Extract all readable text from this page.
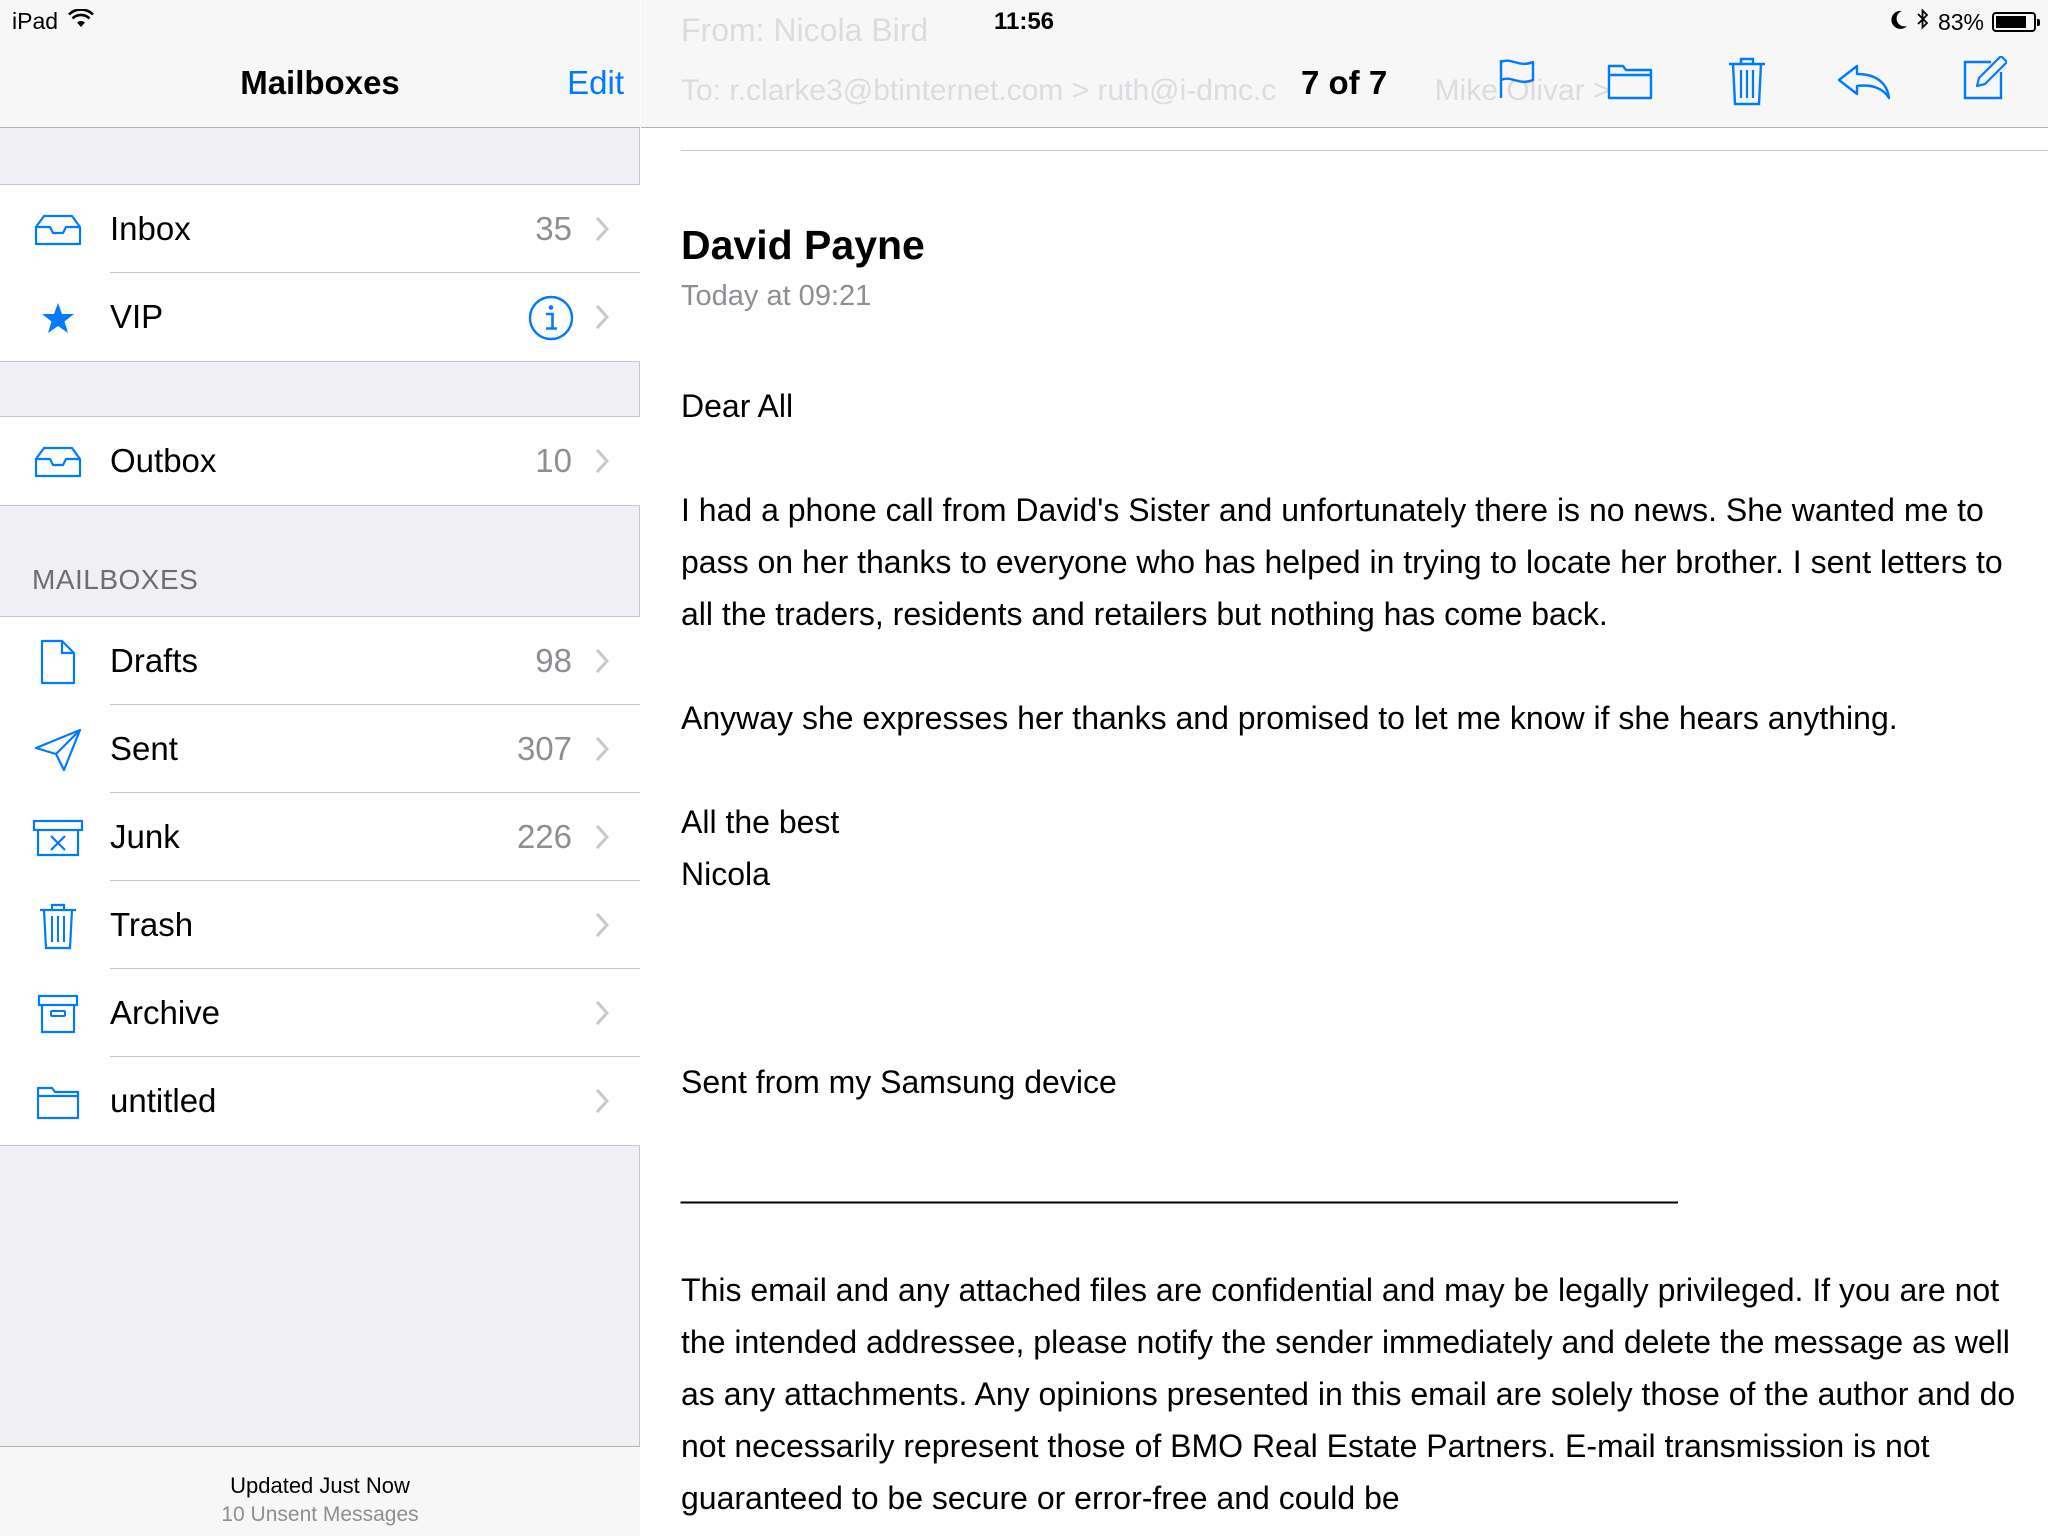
iPad	11:56	83%
Mailboxes	Edit
Inbox	35
VIP
Outbox	10
MAILBOXES
Drafts	98
Sent	307
Junk	226
Trash
Archive
untitled
Updated Just Now
10 Unsent Messages
From: Nicola Bird
To: r.clarke3@btinternet.com > ruth@i-dmc.c	Mike Olivar >
7 of 7
David Payne
Today at 09:21

Dear All

I had a phone call from David's Sister and unfortunately there is no news. She wanted me to pass on her thanks to everyone who has helped in trying to locate her brother. I sent letters to all the traders, residents and retailers but nothing has come back.

Anyway she expresses her thanks and promised to let me know if she hears anything.

All the best

Nicola

Sent from my Samsung device

________________________________________________________

This email and any attached files are confidential and may be legally privileged. If you are not the intended addressee, please notify the sender immediately and delete the message as well as any attachments. Any opinions presented in this email are solely those of the author and do not necessarily represent those of BMO Real Estate Partners. E-mail transmission is not guaranteed to be secure or error-free and could be
